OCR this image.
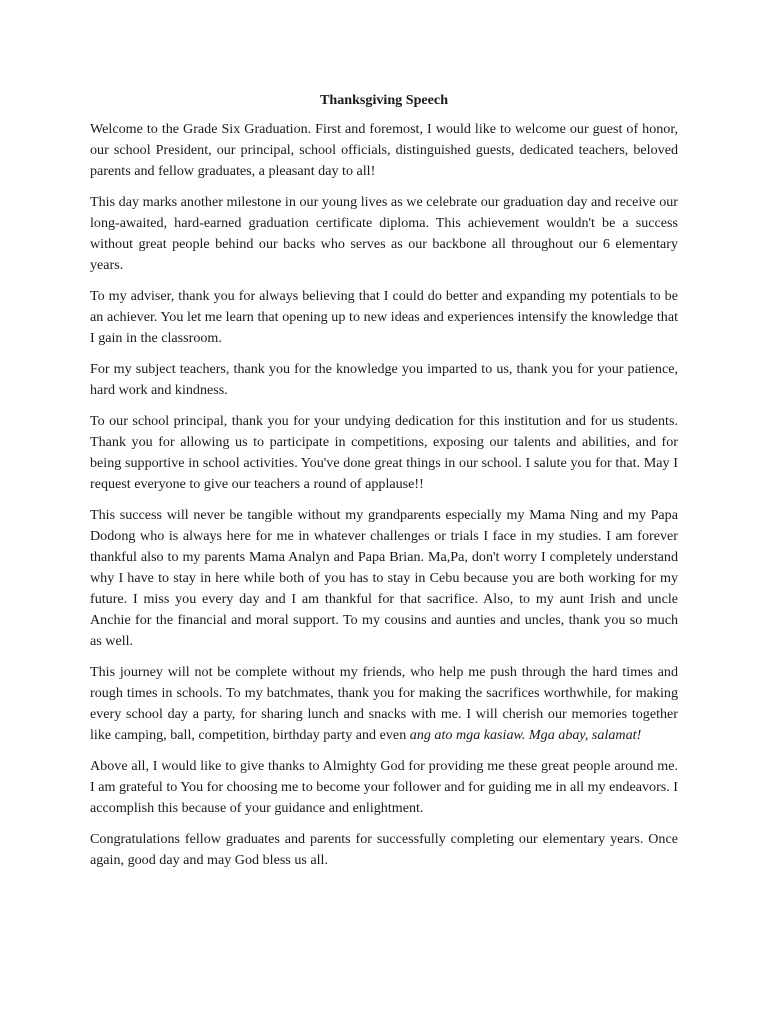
Thanksgiving Speech

Welcome to the Grade Six Graduation. First and foremost, I would like to welcome our guest of honor, our school President, our principal, school officials, distinguished guests, dedicated teachers, beloved parents and fellow graduates, a pleasant day to all!

This day marks another milestone in our young lives as we celebrate our graduation day and receive our long-awaited, hard-earned graduation certificate diploma. This achievement wouldn't be a success without great people behind our backs who serves as our backbone all throughout our 6 elementary years.

To my adviser, thank you for always believing that I could do better and expanding my potentials to be an achiever. You let me learn that opening up to new ideas and experiences intensify the knowledge that I gain in the classroom.

For my subject teachers, thank you for the knowledge you imparted to us, thank you for your patience, hard work and kindness.

To our school principal, thank you for your undying dedication for this institution and for us students. Thank you for allowing us to participate in competitions, exposing our talents and abilities, and for being supportive in school activities. You've done great things in our school. I salute you for that. May I request everyone to give our teachers a round of applause!!

This success will never be tangible without my grandparents especially my Mama Ning and my Papa Dodong who is always here for me in whatever challenges or trials I face in my studies. I am forever thankful also to my parents Mama Analyn and Papa Brian. Ma,Pa, don't worry I completely understand why I have to stay in here while both of you has to stay in Cebu because you are both working for my future. I miss you every day and I am thankful for that sacrifice. Also, to my aunt Irish and uncle Anchie for the financial and moral support. To my cousins and aunties and uncles, thank you so much as well.

This journey will not be complete without my friends, who help me push through the hard times and rough times in schools. To my batchmates, thank you for making the sacrifices worthwhile, for making every school day a party, for sharing lunch and snacks with me. I will cherish our memories together like camping, ball, competition, birthday party and even ang ato mga kasiaw. Mga abay, salamat!

Above all, I would like to give thanks to Almighty God for providing me these great people around me. I am grateful to You for choosing me to become your follower and for guiding me in all my endeavors. I accomplish this because of your guidance and enlightment.

Congratulations fellow graduates and parents for successfully completing our elementary years. Once again, good day and may God bless us all.
